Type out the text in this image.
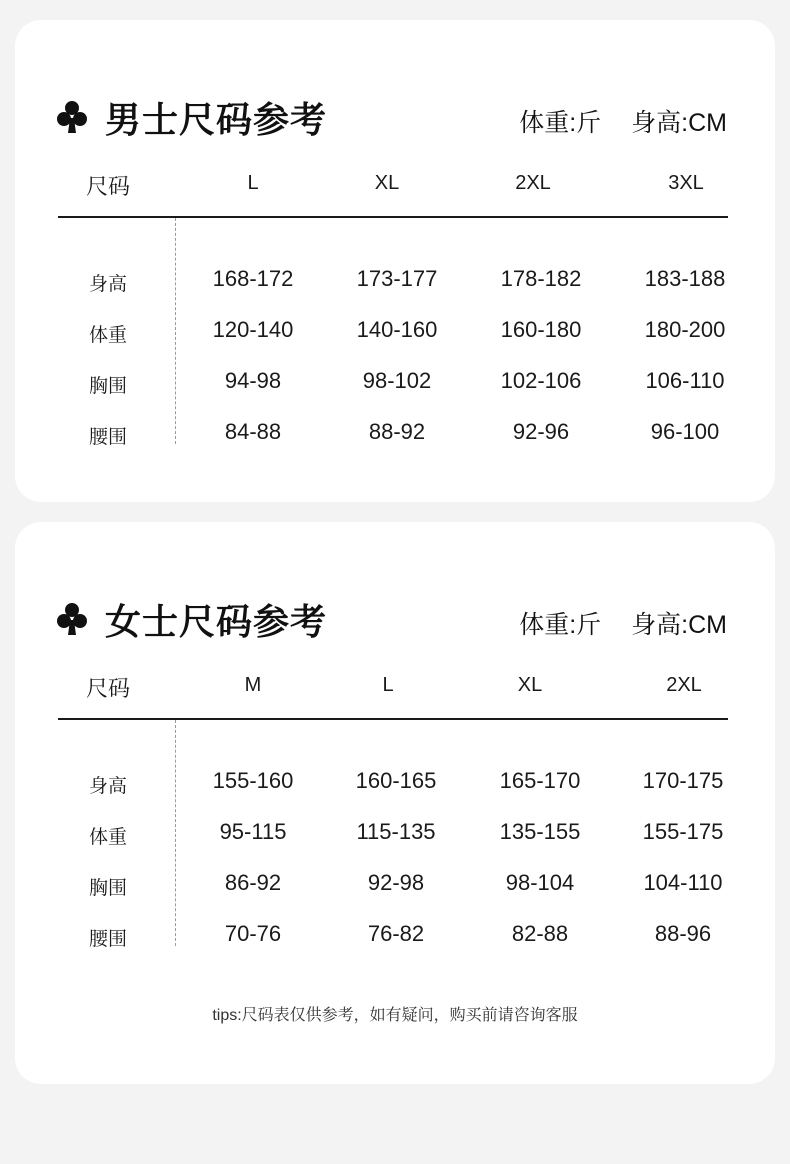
男士尺码参考	体重:斤 身高:CM
尺码	L	XL	2XL	3XL
身高	168-172	173-177	178-182	183-188
体重	120-140	140-160	160-180	180-200
胸围	94-98	98-102	102-106	106-110
腰围	84-88	88-92	92-96	96-100
女士尺码参考	体重:斤 身高:CM
尺码	M	L	XL	2XL
身高	155-160	160-165	165-170	170-175
体重	95-115	115-135	135-155	155-175
胸围	86-92	92-98	98-104	104-110
腰围	70-76	76-82	82-88	88-96
tips:尺码表仅供参考，如有疑问，购买前请咨询客服
